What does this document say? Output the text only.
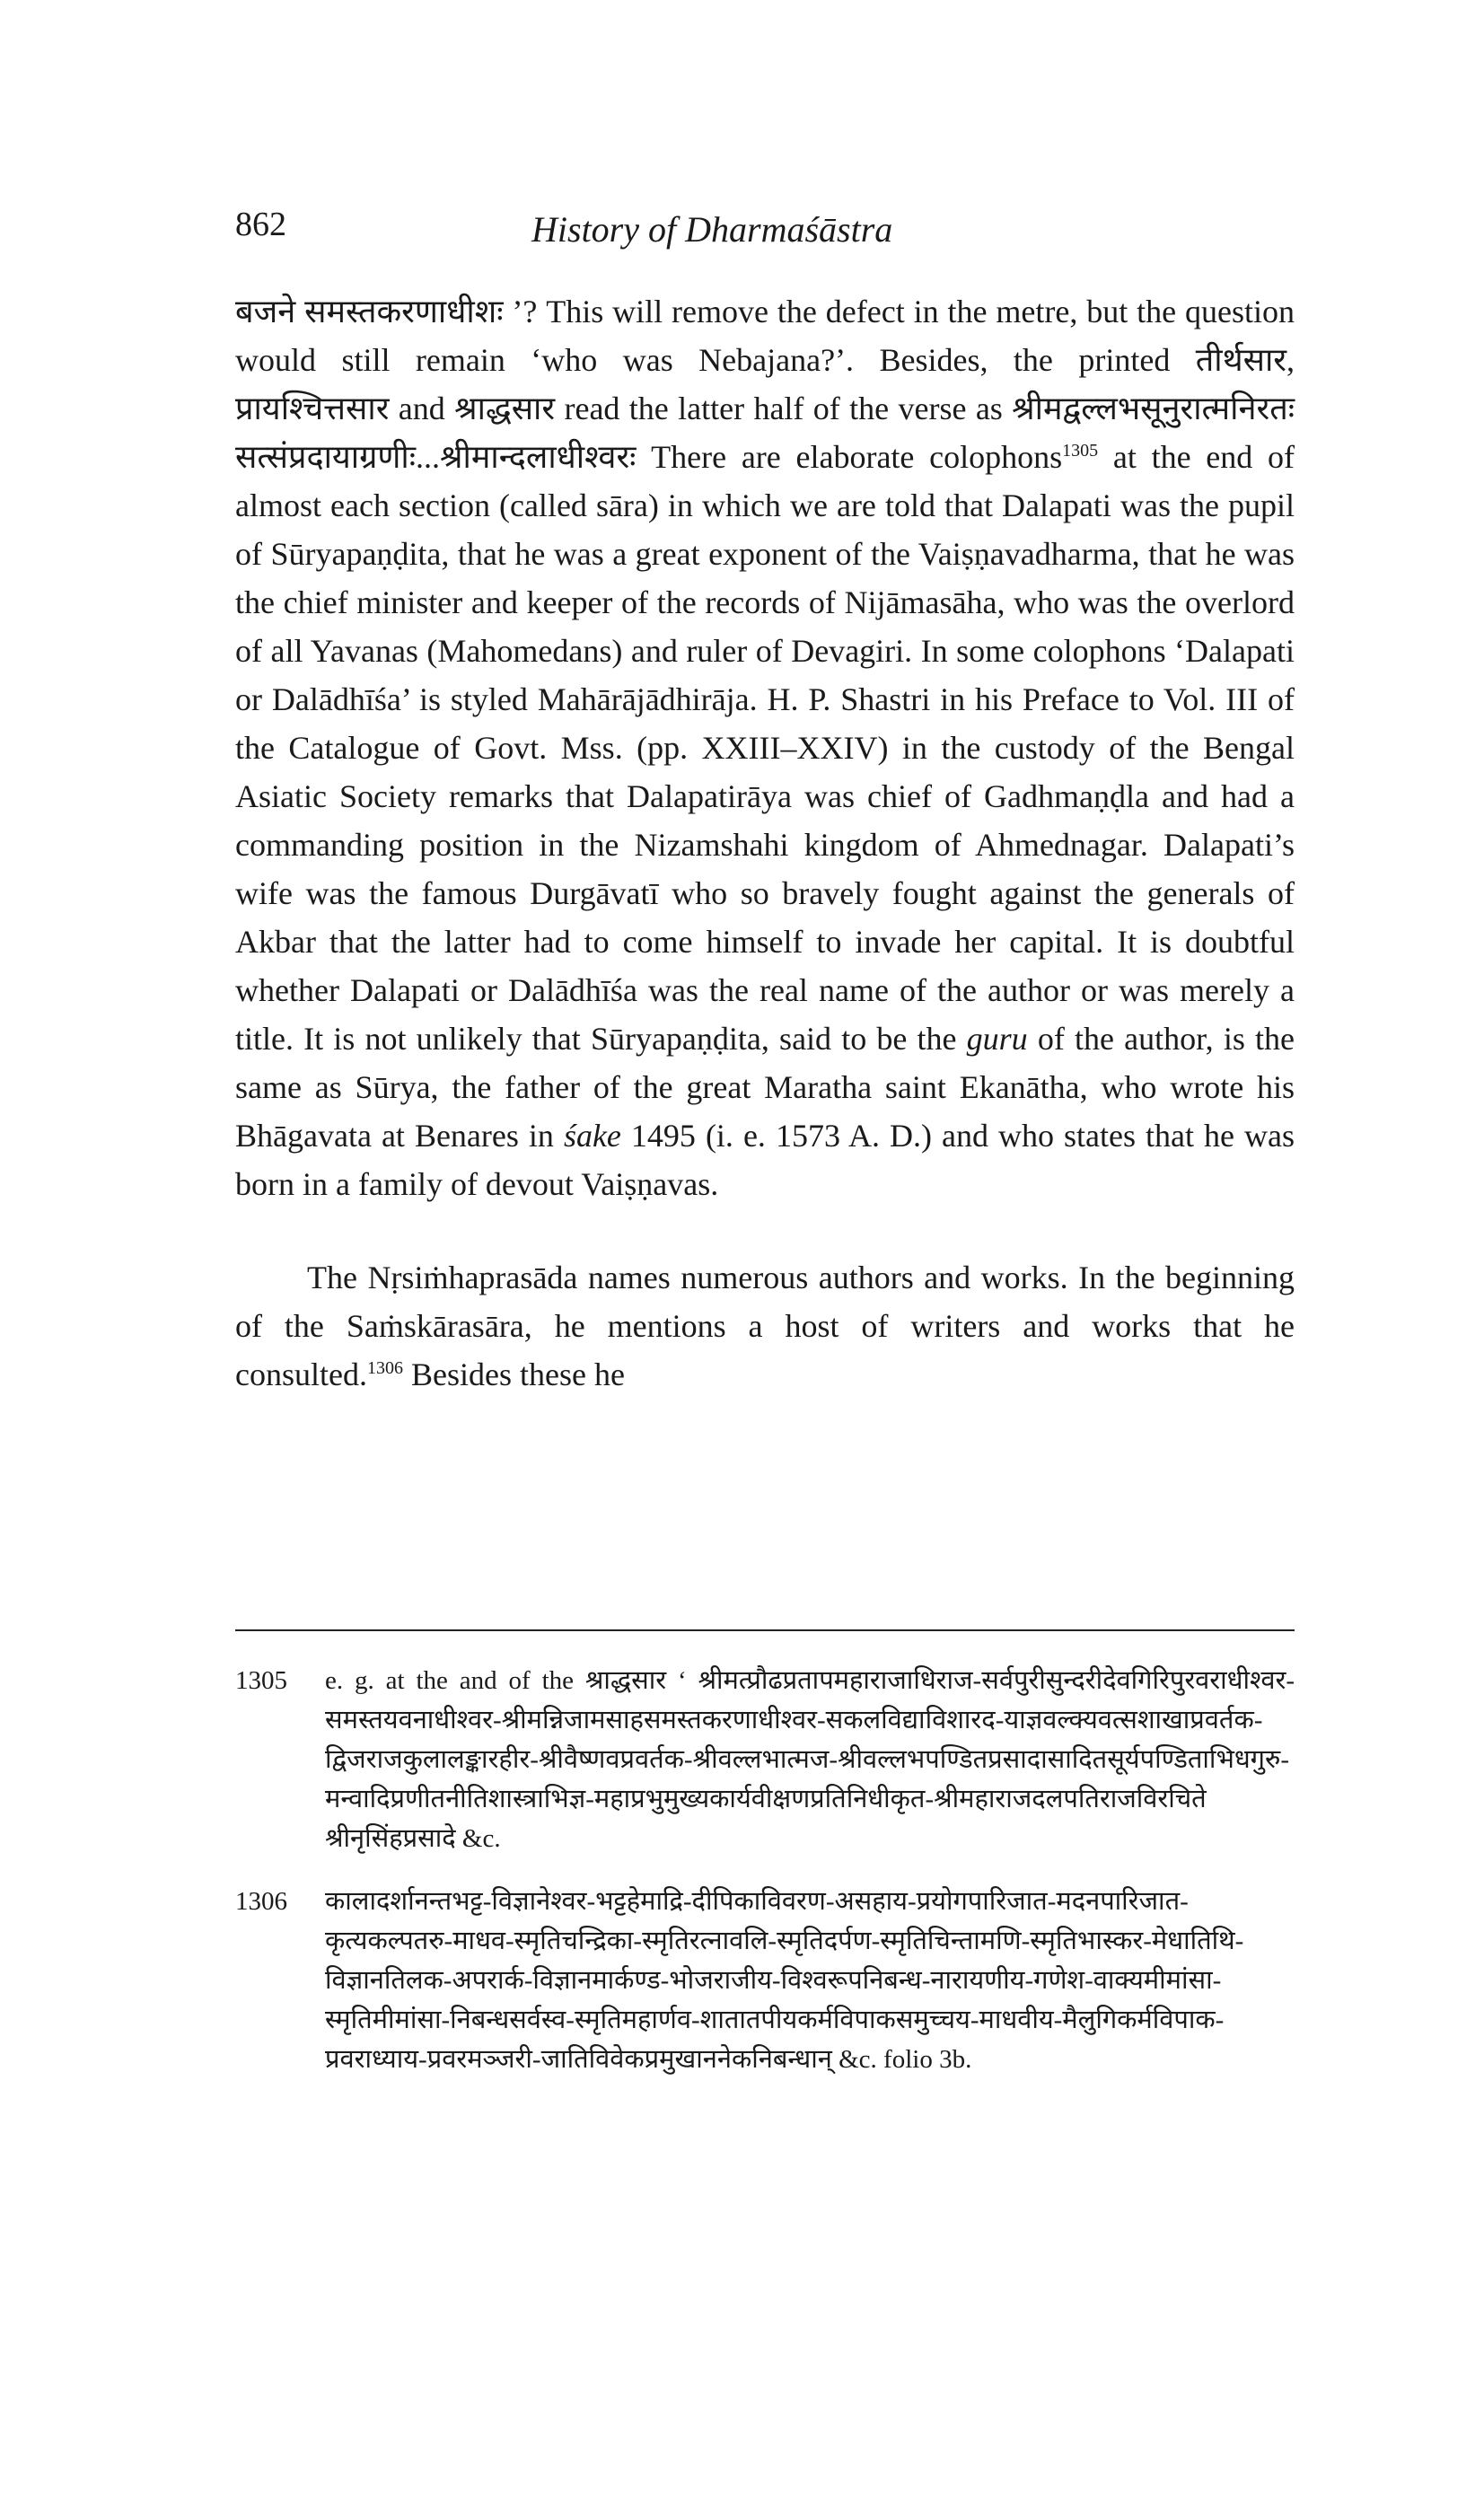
862	History of Dharmaśāstra

बजने समस्तकरणाधीशः ’? This will remove the defect in the metre, but the question would still remain ‘who was Nebajana?’. Besides, the printed तीर्थसार, प्रायश्चित्तसार and श्राद्धसार read the latter half of the verse as श्रीमद्वल्लभसूनुरात्मनिरतः सत्संप्रदायाग्रणीः...श्रीमान्दलाधीश्वरः There are elaborate colophons$^{1305}$ at the end of almost each section (called sāra) in which we are told that Dalapati was the pupil of Sūryapaṇḍita, that he was a great exponent of the Vaiṣṇavadharma, that he was the chief minister and keeper of the records of Nijāmasāha, who was the overlord of all Yavanas (Mahomedans) and ruler of Devagiri. In some colophons ‘Dalapati or Dalādhīśa’ is styled Mahārājādhirāja. H. P. Shastri in his Preface to Vol. III of the Catalogue of Govt. Mss. (pp. XXIII–XXIV) in the custody of the Bengal Asiatic Society remarks that Dalapatirāya was chief of Gadhmaṇḍla and had a commanding position in the Nizamshahi kingdom of Ahmednagar. Dalapati’s wife was the famous Durgāvatī who so bravely fought against the generals of Akbar that the latter had to come himself to invade her capital. It is doubtful whether Dalapati or Dalādhīśa was the real name of the author or was merely a title. It is not unlikely that Sūryapaṇḍita, said to be the guru of the author, is the same as Sūrya, the father of the great Maratha saint Ekanātha, who wrote his Bhāgavata at Benares in śake 1495 (i. e. 1573 A. D.) and who states that he was born in a family of devout Vaiṣṇavas.

The Nṛsiṁhaprasāda names numerous authors and works. In the beginning of the Saṁskārasāra, he mentions a host of writers and works that he consulted.$^{1306}$ Besides these he

1305	e. g. at the and of the श्राद्धसार ‘ श्रीमत्प्रौढप्रतापमहाराजाधिराज-सर्वपुरीसुन्दरीदेवगिरिपुरवराधीश्वर-समस्तयवनाधीश्वर-श्रीमन्निजामसाहसमस्तकरणाधीश्वर-सकलविद्याविशारद-याज्ञवल्क्यवत्सशाखाप्रवर्तक-द्विजराजकुलालङ्कारहीर-श्रीवैष्णवप्रवर्तक-श्रीवल्लभात्मज-श्रीवल्लभपण्डितप्रसादासादितसूर्यपण्डिताभिधगुरु-मन्वादिप्रणीतनीतिशास्त्राभिज्ञ-महाप्रभुमुख्यकार्यवीक्षणप्रतिनिधीकृत-श्रीमहाराजदलपतिराजविरचिते श्रीनृसिंहप्रसादे &c.
1306	कालादर्शानन्तभट्ट-विज्ञानेश्वर-भट्टहेमाद्रि-दीपिकाविवरण-असहाय-प्रयोगपारिजात-मदनपारिजात-कृत्यकल्पतरु-माधव-स्मृतिचन्द्रिका-स्मृतिरत्नावलि-स्मृतिदर्पण-स्मृतिचिन्तामणि-स्मृतिभास्कर-मेधातिथि-विज्ञानतिलक-अपरार्क-विज्ञानमार्कण्ड-भोजराजीय-विश्वरूपनिबन्ध-नारायणीय-गणेश-वाक्यमीमांसा-स्मृतिमीमांसा-निबन्धसर्वस्व-स्मृतिमहार्णव-शातातपीयकर्मविपाकसमुच्चय-माधवीय-मैलुगिकर्मविपाक-प्रवराध्याय-प्रवरमञ्जरी-जातिविवेकप्रमुखाननेकनिबन्धान् &c. folio 3b.
